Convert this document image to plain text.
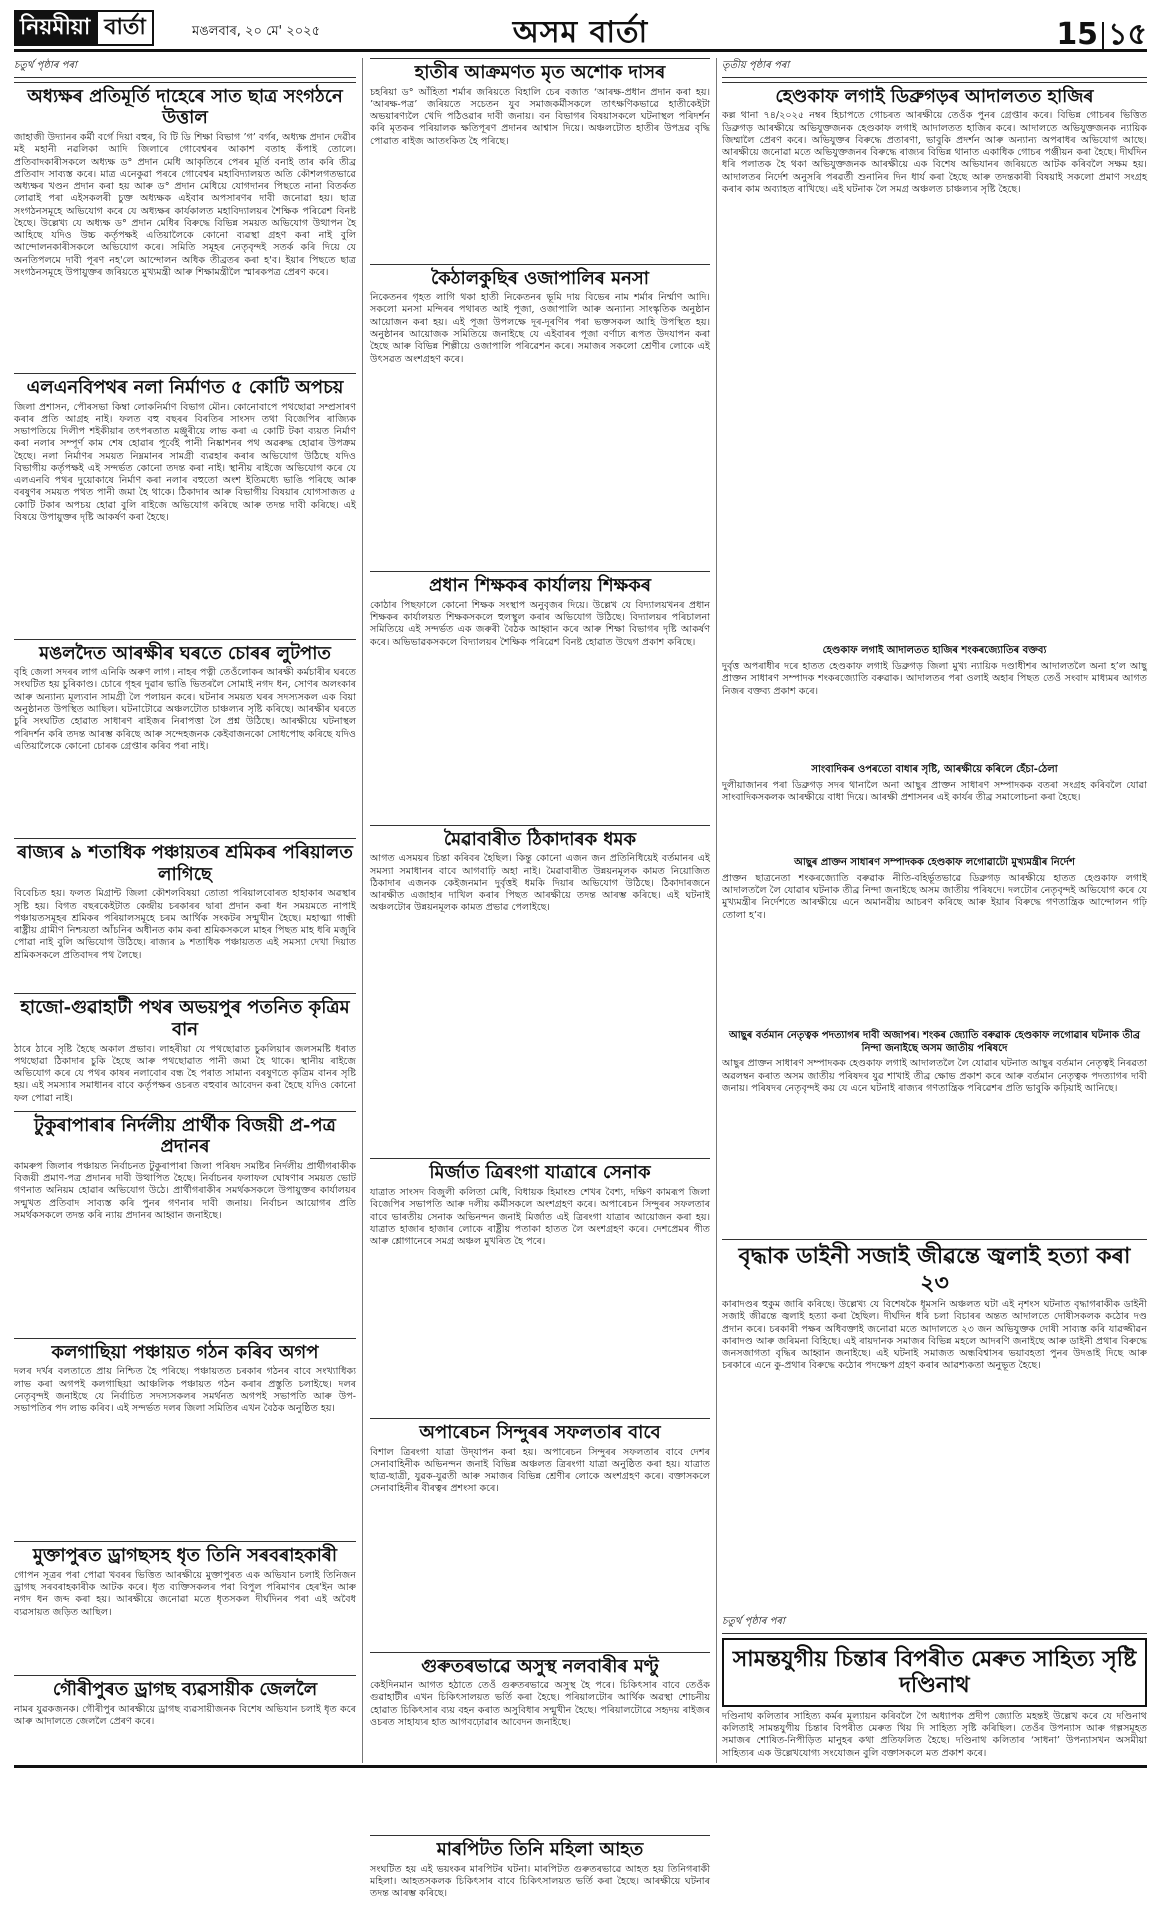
নিয়মীয়া বাৰ্তা	মঙলবাৰ, ২০ মে' ২০২৫	অসম বাৰ্তা	15 ১৫
চতুৰ্থ পৃষ্ঠাৰ পৰা
অধ্যক্ষৰ প্ৰতিমূৰ্তি দাহেৰে সাত ছাত্ৰ সংগঠনে উত্তাল
জাহাজী উদ্যানৰ কৰ্মী বৰ্গে দিয়া বহুৰ, বি টি ডি শিক্ষা বিভাগ ’গ’ বৰ্গৰ, অধ্যক্ষ প্ৰদান দেৱীৰ মই মহানী নৱলিকা আদি জিলাৰে গোবেশ্বৰৰ আকাশ বতাহ কঁপাই তোলে। প্ৰতিবাদকাৰীসকলে অধ্যক্ষ ড° প্ৰদান মেধি আকৃতিৰে পেৰৰ মূৰ্তি বনাই তাৰ কৰি তীব্ৰ প্ৰতিবাদ সাব্যস্ত কৰে। মাত্ৰ এনেকুৱা পৰৰে গোবেশ্বৰ মহাবিদ্যালয়ত অতি কৌশলগতভাৱে অধ্যক্ষৰ খণ্ডন প্ৰদান কৰা হয় আৰু ড° প্ৰদান মেধিয়ে যোগদানৰ পিছতে নানা বিতৰ্কত লোৱাই পৰা এইসকলৰী চুক্ত অধ্যক্ষক এইবাৰ অপসাৰণৰ দাবী জনোৱা হয়। ছাত্ৰ সংগঠনসমূহে অভিযোগ কৰে যে অধ্যক্ষৰ কাৰ্যকালত মহাবিদ্যালয়ৰ শৈক্ষিক পৰিৱেশ বিনষ্ট হৈছে। উল্লেখ্য যে অধ্যক্ষ ড° প্ৰদান মেধিৰ বিৰুদ্ধে বিভিন্ন সময়ত অভিযোগ উত্থাপন হৈ আহিছে যদিও উচ্চ কৰ্তৃপক্ষই এতিয়ালৈকে কোনো ব্যৱস্থা গ্ৰহণ কৰা নাই বুলি আন্দোলনকাৰীসকলে অভিযোগ কৰে। সমিতি সমূহৰ নেতৃবৃন্দই সতৰ্ক কৰি দিয়ে যে অনতিপলমে দাবী পূৰণ নহ'লে আন্দোলন অধিক তীব্ৰতৰ কৰা হ'ব। ইয়াৰ পিছতে ছাত্ৰ সংগঠনসমূহে উপায়ুক্তৰ জৰিয়তে মুখ্যমন্ত্ৰী আৰু শিক্ষামন্ত্ৰীলৈ স্মাৰকপত্ৰ প্ৰেৰণ কৰে।
এলএনবিপথৰ নলা নিৰ্মাণত ৫ কোটি অপচয়
জিলা প্ৰশাসন, পৌৰসভা কিম্বা লোকনিৰ্মাণ বিভাগ মৌন। কোনোবাপে পথছোৱা সম্প্ৰসাৰণ কৰাৰ প্ৰতি আগ্ৰহ নাই। ফলত বহু বছৰৰ বিৰতিৰ সাংসদ তথা বিজেপিৰ ৰাজ্যিক সভাপতিয়ে দিলীপ শইকীয়াৰ তৎপৰতাত মঞ্জুৰীয়ে লাভ কৰা এ কোটি টকা ব্যয়ত নিৰ্মাণ কৰা নলাৰ সম্পূৰ্ণ কাম শেষ হোৱাৰ পূৰ্বেই পানী নিষ্কাশনৰ পথ অৱৰুদ্ধ হোৱাৰ উপক্ৰম হৈছে। নলা নিৰ্মাণৰ সময়ত নিম্নমানৰ সামগ্ৰী ব্যৱহাৰ কৰাৰ অভিযোগ উঠিছে যদিও বিভাগীয় কৰ্তৃপক্ষই এই সন্দৰ্ভত কোনো তদন্ত কৰা নাই। স্থানীয় ৰাইজে অভিযোগ কৰে যে এলএনবি পথৰ দুয়োকাষে নিৰ্মাণ কৰা নলাৰ বহুতো অংশ ইতিমধ্যে ভাঙি পৰিছে আৰু বৰষুণৰ সময়ত পথত পানী জমা হৈ থাকে। ঠিকাদাৰ আৰু বিভাগীয় বিষয়াৰ যোগসাজত ৫ কোটি টকাৰ অপচয় হোৱা বুলি ৰাইজে অভিযোগ কৰিছে আৰু তদন্ত দাবী কৰিছে। এই বিষয়ে উপায়ুক্তৰ দৃষ্টি আকৰ্ষণ কৰা হৈছে।
মঙলদৈত আৰক্ষীৰ ঘৰতে চোৰৰ লুটপাত
বৃহি জেলা সদৰৰ লাগ এনিকি অৰুণ লাগ ৷ নাহৰ পত্নী তেওঁলোকৰ আৰক্ষী কৰ্মচাৰীৰ ঘৰতে সংঘটিত হয় চুৰিকাণ্ড। চোৰে গৃহৰ দুৱাৰ ভাঙি ভিতৰলৈ সোমাই নগদ ধন, সোণৰ অলংকাৰ আৰু অন্যান্য মূল্যবান সামগ্ৰী লৈ পলায়ন কৰে। ঘটনাৰ সময়ত ঘৰৰ সদস্যসকল এক বিয়া অনুষ্ঠানত উপস্থিত আছিল। ঘটনাটোৱে অঞ্চলটোত চাঞ্চল্যৰ সৃষ্টি কৰিছে। আৰক্ষীৰ ঘৰতে চুৰি সংঘটিত হোৱাত সাধাৰণ ৰাইজৰ নিৰাপত্তা লৈ প্ৰশ্ন উঠিছে। আৰক্ষীয়ে ঘটনাস্থল পৰিদৰ্শন কৰি তদন্ত আৰম্ভ কৰিছে আৰু সন্দেহজনক কেইবাজনকো সোধপোছ কৰিছে যদিও এতিয়ালৈকে কোনো চোৰক গ্ৰেপ্তাৰ কৰিব পৰা নাই।
ৰাজ্যৰ ৯ শতাধিক পঞ্চায়তৰ শ্ৰমিকৰ পৰিয়ালত লাগিছে
বিবেচিত হয়। ফলত মিগ্ৰান্ট জিলা কৌশলবিষয়া তোতা পৰিয়ালবোৰত হাহাকাৰ অৱস্থাৰ সৃষ্টি হয়। বিগত বছৰকেইটাত কেন্দ্ৰীয় চৰকাৰৰ দ্বাৰা প্ৰদান কৰা ধন সময়মতে নাপাই পঞ্চায়তসমূহৰ শ্ৰমিকৰ পৰিয়ালসমূহে চৰম আৰ্থিক সংকটৰ সন্মুখীন হৈছে। মহাত্মা গান্ধী ৰাষ্ট্ৰীয় গ্ৰামীণ নিশ্চয়তা আঁচনিৰ অধীনত কাম কৰা শ্ৰমিকসকলে মাহৰ পিছত মাহ ধৰি মজুৰি পোৱা নাই বুলি অভিযোগ উঠিছে। ৰাজ্যৰ ৯ শতাধিক পঞ্চায়তত এই সমস্যা দেখা দিয়াত শ্ৰমিকসকলে প্ৰতিবাদৰ পথ লৈছে।
হাজো-গুৱাহাটী পথৰ অভয়পুৰ পতনিত কৃত্ৰিম বান
ঠাৰে ঠাৰে সৃষ্টি হৈছে অকাল প্ৰভাব। লাহৰীয়া যে পথছোৱাত চুকলিয়াৰ জলসমষ্টি ধৰাত পথছোৱা ঠিকাদাৰ চুকি হৈছে আৰু পথছোৱাত পানী জমা হৈ থাকে। স্থানীয় ৰাইজে অভিযোগ কৰে যে পথৰ কাষৰ নলাবোৰ বন্ধ হৈ পৰাত সামান্য বৰষুণতে কৃত্ৰিম বানৰ সৃষ্টি হয়। এই সমস্যাৰ সমাধানৰ বাবে কৰ্তৃপক্ষৰ ওচৰত বহুবাৰ আবেদন কৰা হৈছে যদিও কোনো ফল পোৱা নাই।
টুকুৰাপাৰাৰ নিৰ্দলীয় প্ৰাৰ্থীক বিজয়ী প্ৰ-পত্ৰ প্ৰদানৰ
কামৰুপ জিলাৰ পঞ্চায়ত নিৰ্বাচনত টুকুৰাপাৰা জিলা পৰিষদ সমষ্টিৰ নিৰ্দলীয় প্ৰাৰ্থীগৰাকীক বিজয়ী প্ৰমাণ-পত্ৰ প্ৰদানৰ দাবী উত্থাপিত হৈছে। নিৰ্বাচনৰ ফলাফল ঘোষণাৰ সময়ত ভোট গণনাত অনিয়ম হোৱাৰ অভিযোগ উঠে। প্ৰাৰ্থীগৰাকীৰ সমৰ্থকসকলে উপায়ুক্তৰ কাৰ্যালয়ৰ সন্মুখত প্ৰতিবাদ সাব্যস্ত কৰি পুনৰ গণনাৰ দাবী জনায়। নিৰ্বাচন আয়োগৰ প্ৰতি সমৰ্থকসকলে তদন্ত কৰি ন্যায় প্ৰদানৰ আহ্বান জনাইছে।
কলগাছিয়া পঞ্চায়ত গঠন কৰিব অগপ
দলৰ দৰ্খৰ বলতাতে প্ৰায় নিশ্চিত হৈ পৰিছে। পঞ্চায়তত চৰকাৰ গঠনৰ বাবে সংখ্যাধিক্য লাভ কৰা অগপই কলগাছিয়া আঞ্চলিক পঞ্চায়ত গঠন কৰাৰ প্ৰস্তুতি চলাইছে। দলৰ নেতৃবৃন্দই জনাইছে যে নিৰ্বাচিত সদস্যসকলৰ সমৰ্থনত অগপই সভাপতি আৰু উপ-সভাপতিৰ পদ লাভ কৰিব। এই সন্দৰ্ভত দলৰ জিলা সমিতিৰ এখন বৈঠক অনুষ্ঠিত হয়।
মুক্তাপুৰত ড্ৰাগছসহ ধৃত তিনি সৰবৰাহকাৰী
গোপন সূত্ৰৰ পৰা পোৱা খবৰৰ ভিত্তিত আৰক্ষীয়ে মুক্তাপুৰত এক অভিযান চলাই তিনিজন ড্ৰাগছ সৰবৰাহকাৰীক আটক কৰে। ধৃত ব্যক্তিসকলৰ পৰা বিপুল পৰিমাণৰ হেৰ'ইন আৰু নগদ ধন জব্দ কৰা হয়। আৰক্ষীয়ে জনোৱা মতে ধৃতসকল দীৰ্ঘদিনৰ পৰা এই অবৈধ ব্যৱসায়ত জড়িত আছিল।
গৌৰীপুৰত ড্ৰাগছ ব্যৱসায়ীক জেললৈ
নামৰ যুৱকজনক। গৌৰীপুৰ আৰক্ষীয়ে ড্ৰাগছ ব্যৱসায়ীজনক বিশেষ অভিযান চলাই ধৃত কৰে আৰু আদালতে জেললৈ প্ৰেৰণ কৰে।
হাতীৰ আক্ৰমণত মৃত অশোক দাসৰ
চহৰিয়া ড° আঁহিতা শৰ্মাৰ জৰিয়তে বিহালি চেৰ বজাত ‘আৰক্ষ-প্ৰধান প্ৰদান কৰা হয়। ’আৰক্ষ-পত্ৰ’ জৰিয়তে সচেতন যুব সমাজকৰ্মীসকলে তাৎক্ষণিকভাৱে হাতীকেইটা অভয়াৰণ্যলৈ খেদি পঠিওৱাৰ দাবী জনায়। বন বিভাগৰ বিষয়াসকলে ঘটনাস্থল পৰিদৰ্শন কৰি মৃতকৰ পৰিয়ালক ক্ষতিপূৰণ প্ৰদানৰ আশ্বাস দিয়ে। অঞ্চলটোত হাতীৰ উপদ্ৰৱ বৃদ্ধি পোৱাত ৰাইজ আতংকিত হৈ পৰিছে।
কৈঠালকুছিৰ ওজাপালিৰ মনসা
নিকেতনৰ গৃহত লাগি থকা হাতী নিকেতনৰ ভূমি দায় বিভেৰ নাম শৰ্মাৰ নিৰ্ম্মাণ আদি। সকলো মনসা মন্দিৰৰ পথাৰত আই পূজা, ওজাপালি আৰু অন্যান্য সাংস্কৃতিক অনুষ্ঠান আয়োজন কৰা হয়। এই পূজা উপলক্ষে দূৰ-দূৰণিৰ পৰা ভক্তসকল আহি উপস্থিত হয়। অনুষ্ঠানৰ আয়োজক সমিতিয়ে জনাইছে যে এইবাৰৰ পূজা বৰ্ণাঢ্য ৰূপত উদযাপন কৰা হৈছে আৰু বিভিন্ন শিল্পীয়ে ওজাপালি পৰিৱেশন কৰে। সমাজৰ সকলো শ্ৰেণীৰ লোকে এই উৎসৱত অংশগ্ৰহণ কৰে।
প্ৰধান শিক্ষকৰ কাৰ্যালয় শিক্ষকৰ
কোঠাৰ পিছফালে কোনো শিক্ষক সংস্থাপ অনুবৃজৰ দিয়ে। উল্লেখ যে বিদ্যালয়খনৰ প্ৰধান শিক্ষকৰ কাৰ্যালয়ত শিক্ষকসকলে হুলস্থুল কৰাৰ অভিযোগ উঠিছে। বিদ্যালয়ৰ পৰিচালনা সমিতিয়ে এই সন্দৰ্ভত এক জৰুৰী বৈঠক আহ্বান কৰে আৰু শিক্ষা বিভাগৰ দৃষ্টি আকৰ্ষণ কৰে। অভিভাৱকসকলে বিদ্যালয়ৰ শৈক্ষিক পৰিৱেশ বিনষ্ট হোৱাত উদ্বেগ প্ৰকাশ কৰিছে।
মৈৱাবাৰীত ঠিকাদাৰক ধমক
আগত এসময়ৰ চিন্তা কৰিবৰ হৈছিল। কিন্তু কোনো এজন জন প্ৰতিনিধিয়েই বৰ্তমানৰ এই সমস্যা সমাধানৰ বাবে আগবাঢ়ি অহা নাই। মৈৱাবাৰীত উন্নয়নমূলক কামত নিয়োজিত ঠিকাদাৰ এজনক কেইজনমান দুৰ্বৃত্তই ধমকি দিয়াৰ অভিযোগ উঠিছে। ঠিকাদাৰজনে আৰক্ষীত এজাহাৰ দাখিল কৰাৰ পিছত আৰক্ষীয়ে তদন্ত আৰম্ভ কৰিছে। এই ঘটনাই অঞ্চলটোৰ উন্নয়নমূলক কামত প্ৰভাৱ পেলাইছে।
মিৰ্জাত ত্ৰিৰংগা যাত্ৰাৰে সেনাক
যাত্ৰাত সাংসদ বিজুলী কলিতা মেধি, বিধায়ক হিমাংশু শেখৰ বৈশ্য, দক্ষিণ কামৰূপ জিলা বিজেপিৰ সভাপতি আৰু দলীয় কৰ্মীসকলে অংশগ্ৰহণ কৰে। অপাৰেচন সিন্দুৰৰ সফলতাৰ বাবে ভাৰতীয় সেনাক অভিনন্দন জনাই মিৰ্জাত এই ত্ৰিৰংগা যাত্ৰাৰ আয়োজন কৰা হয়। যাত্ৰাত হাজাৰ হাজাৰ লোকে ৰাষ্ট্ৰীয় পতাকা হাতত লৈ অংশগ্ৰহণ কৰে। দেশপ্ৰেমৰ গীত আৰু শ্লোগানেৰে সমগ্ৰ অঞ্চল মুখৰিত হৈ পৰে।
অপাৰেচন সিন্দুৰৰ সফলতাৰ বাবে
বিশাল ত্ৰিৰংগা যাত্ৰা উদ্‌যাপন কৰা হয়। অপাৰেচন সিন্দুৰৰ সফলতাৰ বাবে দেশৰ সেনাবাহিনীক অভিনন্দন জনাই বিভিন্ন অঞ্চলত ত্ৰিৰংগা যাত্ৰা অনুষ্ঠিত কৰা হয়। যাত্ৰাত ছাত্ৰ-ছাত্ৰী, যুৱক-যুৱতী আৰু সমাজৰ বিভিন্ন শ্ৰেণীৰ লোকে অংশগ্ৰহণ কৰে। বক্তাসকলে সেনাবাহিনীৰ বীৰত্বৰ প্ৰশংসা কৰে।
গুৰুতৰভাৱে অসুস্থ নলবাৰীৰ মণ্টু
কেইদিনমান আগত হঠাতে তেওঁ গুৰুতৰভাৱে অসুস্থ হৈ পৰে। চিকিৎসাৰ বাবে তেওঁক গুৱাহাটীৰ এখন চিকিৎসালয়ত ভৰ্তি কৰা হৈছে। পৰিয়ালটোৰ আৰ্থিক অৱস্থা শোচনীয় হোৱাত চিকিৎসাৰ ব্যয় বহন কৰাত অসুবিধাৰ সন্মুখীন হৈছে। পৰিয়ালটোৱে সহৃদয় ৰাইজৰ ওচৰত সাহায্যৰ হাত আগবঢ়োৱাৰ আবেদন জনাইছে।
মাৰপিটত তিনি মহিলা আহত
সংঘটিত হয় এই ভয়ংকৰ মাৰপিটৰ ঘটনা। মাৰপিটত গুৰুতৰভাৱে আহত হয় তিনিগৰাকী মহিলা। আহতসকলক চিকিৎসাৰ বাবে চিকিৎসালয়ত ভৰ্তি কৰা হৈছে। আৰক্ষীয়ে ঘটনাৰ তদন্ত আৰম্ভ কৰিছে।
তৃতীয় পৃষ্ঠাৰ পৰা
হেণ্ডকাফ লগাই ডিব্ৰুগড়ৰ আদালতত হাজিৰ
কল্ল থানা ৭৪/২০২৫ নম্বৰ হিচাপতে গোচৰত আৰক্ষীয়ে তেওঁক পুনৰ গ্ৰেপ্তাৰ কৰে। বিভিন্ন গোচৰৰ ভিত্তিত ডিব্ৰুগড় আৰক্ষীয়ে অভিযুক্তজনক হেণ্ডকাফ লগাই আদালতত হাজিৰ কৰে। আদালতে অভিযুক্তজনক ন্যায়িক জিম্মালৈ প্ৰেৰণ কৰে। অভিযুক্তৰ বিৰুদ্ধে প্ৰতাৰণা, ভাবুকি প্ৰদৰ্শন আৰু অন্যান্য অপৰাধৰ অভিযোগ আছে। আৰক্ষীয়ে জনোৱা মতে অভিযুক্তজনৰ বিৰুদ্ধে ৰাজ্যৰ বিভিন্ন থানাত একাধিক গোচৰ পঞ্জীয়ন কৰা হৈছে। দীৰ্ঘদিন ধৰি পলাতক হৈ থকা অভিযুক্তজনক আৰক্ষীয়ে এক বিশেষ অভিযানৰ জৰিয়তে আটক কৰিবলৈ সক্ষম হয়। আদালতৰ নিৰ্দেশ অনুসৰি পৰৱৰ্তী শুনানিৰ দিন ধাৰ্য কৰা হৈছে আৰু তদন্তকাৰী বিষয়াই সকলো প্ৰমাণ সংগ্ৰহ কৰাৰ কাম অব্যাহত ৰাখিছে। এই ঘটনাক লৈ সমগ্ৰ অঞ্চলত চাঞ্চল্যৰ সৃষ্টি হৈছে।
হেণ্ডকাফ লগাই আদালতত হাজিৰ শংকৰজ্যোতিৰ বক্তব্য
দুৰ্বৃত্ত অপৰাধীৰ দৰে হাতত হেণ্ডকাফ লগাই ডিব্ৰুগড় জিলা মুখ্য ন্যায়িক দণ্ডাধীশৰ আদালতলৈ অনা হ’ল আছু প্ৰাক্তন সাধাৰণ সম্পাদক শংকৰজ্যোতি বৰুৱাক। আদালতৰ পৰা ওলাই অহাৰ পিছত তেওঁ সংবাদ মাধ্যমৰ আগত নিজৰ বক্তব্য প্ৰকাশ কৰে।
সাংবাদিকৰ ওপৰতো বাধাৰ সৃষ্টি, আৰক্ষীয়ে কৰিলে হেঁচা-ঠেলা
দুলীয়াজানৰ পৰা ডিব্ৰুগড় সদৰ থানালৈ অনা আছুৰ প্ৰাক্তন সাধাৰণ সম্পাদকক বতৰা সংগ্ৰহ কৰিবলৈ যোৱা সাংবাদিকসকলক আৰক্ষীয়ে বাধা দিয়ে। আৰক্ষী প্ৰশাসনৰ এই কাৰ্যৰ তীব্ৰ সমালোচনা কৰা হৈছে।
আছুৰ প্ৰাক্তন সাধাৰণ সম্পাদকক হেণ্ডকাফ লগোৱাটো মুখ্যমন্ত্ৰীৰ নিৰ্দেশ
প্ৰাক্তন ছাত্ৰনেতা শংকৰজ্যোতি বৰুৱাক নীতি-বহিৰ্ভূতভাৱে ডিব্ৰুগড় আৰক্ষীয়ে হাতত হেণ্ডকাফ লগাই আদালতলৈ লৈ যোৱাৰ ঘটনাক তীব্ৰ নিন্দা জনাইছে অসম জাতীয় পৰিষদে। দলটোৰ নেতৃবৃন্দই অভিযোগ কৰে যে মুখ্যমন্ত্ৰীৰ নিৰ্দেশতে আৰক্ষীয়ে এনে অমানৱীয় আচৰণ কৰিছে আৰু ইয়াৰ বিৰুদ্ধে গণতান্ত্ৰিক আন্দোলন গঢ়ি তোলা হ’ব।
আছুৰ বৰ্তমান নেতৃত্বক পদত্যাগৰ দাবী অজাপৰ। শংকৰ জ্যোতি বৰুৱাক হেণ্ডকাফ লগোৱাৰ ঘটনাক তীব্ৰ নিন্দা জনাইছে অসম জাতীয় পৰিষদে
আছুৰ প্ৰাক্তন সাধাৰণ সম্পাদকক হেণ্ডকাফ লগাই আদালতলৈ লৈ যোৱাৰ ঘটনাত আছুৰ বৰ্তমান নেতৃত্বই নিৰৱতা অৱলম্বন কৰাত অসম জাতীয় পৰিষদৰ যুৱ শাখাই তীব্ৰ ক্ষোভ প্ৰকাশ কৰে আৰু বৰ্তমান নেতৃত্বক পদত্যাগৰ দাবী জনায়। পৰিষদৰ নেতৃবৃন্দই কয় যে এনে ঘটনাই ৰাজ্যৰ গণতান্ত্ৰিক পৰিৱেশৰ প্ৰতি ভাবুকি কঢ়িয়াই আনিছে।
বৃদ্ধাক ডাইনী সজাই জীৱন্তে জ্বলাই হত্যা কৰা ২৩
কাৰাদণ্ডৰ হুকুম জাৰি কৰিছে। উল্লেখ্য যে বিশেষকৈ ধূমসনি অঞ্চলত ঘটা এই নৃশংস ঘটনাত বৃদ্ধাগৰাকীক ডাইনী সজাই জীৱন্তে জ্বলাই হত্যা কৰা হৈছিল। দীৰ্ঘদিন ধৰি চলা বিচাৰৰ অন্তত আদালতে দোষীসকলক কঠোৰ দণ্ড প্ৰদান কৰে। চৰকাৰী পক্ষৰ অধিবক্তাই জনোৱা মতে আদালতে ২৩ জন অভিযুক্তক দোষী সাব্যস্ত কৰি যাৱজ্জীৱন কাৰাদণ্ড আৰু জৰিমনা বিহিছে। এই ৰায়দানক সমাজৰ বিভিন্ন মহলে আদৰণি জনাইছে আৰু ডাইনী প্ৰথাৰ বিৰুদ্ধে জনসজাগতা বৃদ্ধিৰ আহ্বান জনাইছে। এই ঘটনাই সমাজত অন্ধবিশ্বাসৰ ভয়াবহতা পুনৰ উদঙাই দিছে আৰু চৰকাৰে এনে কু-প্ৰথাৰ বিৰুদ্ধে কঠোৰ পদক্ষেপ গ্ৰহণ কৰাৰ আৱশ্যকতা অনুভূত হৈছে।
চতুৰ্থ পৃষ্ঠাৰ পৰা
সামন্তযুগীয় চিন্তাৰ বিপৰীত মেৰুত সাহিত্য সৃষ্টি দণ্ডিনাথ
দণ্ডিনাথ কলিতাৰ সাহিত্য কৰ্মৰ মূল্যায়ন কৰিবলৈ গৈ অধ্যাপক প্ৰদীপ জ্যোতি মহন্তই উল্লেখ কৰে যে দণ্ডিনাথ কলিতাই সামন্তযুগীয় চিন্তাৰ বিপৰীত মেৰুত থিয় দি সাহিত্য সৃষ্টি কৰিছিল। তেওঁৰ উপন্যাস আৰু গল্পসমূহত সমাজৰ শোষিত-নিপীড়িত মানুহৰ কথা প্ৰতিফলিত হৈছে। দণ্ডিনাথ কলিতাৰ ‘সাধনা’ উপন্যাসখন অসমীয়া সাহিত্যৰ এক উল্লেখযোগ্য সংযোজন বুলি বক্তাসকলে মত প্ৰকাশ কৰে।
